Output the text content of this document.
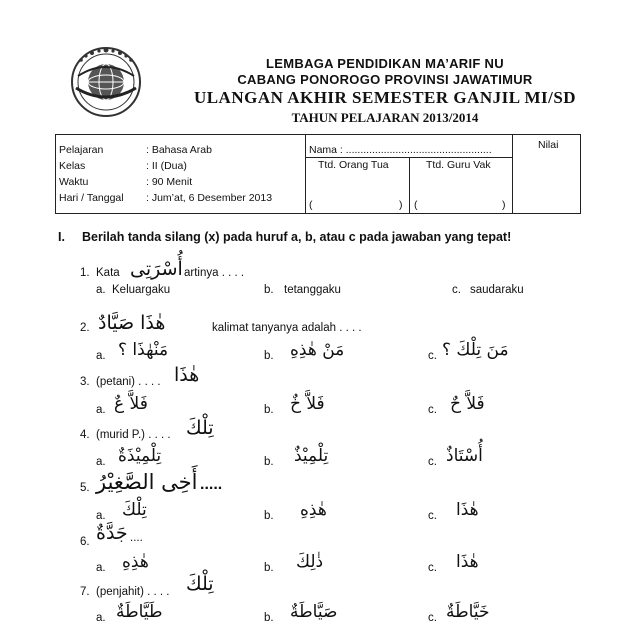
LEMBAGA PENDIDIKAN MA’ARIF NU
CABANG PONOROGO PROVINSI JAWATIMUR
ULANGAN AKHIR SEMESTER GANJIL MI/SD
TAHUN PELAJARAN 2013/2014
Pelajaran	: Bahasa Arab
Kelas	: II (Dua)
Waktu	: 90 Menit
Hari / Tanggal : Jum’at, 6 Desember 2013
Nama : ..................................................
Ttd. Orang Tua	Ttd. Guru Vak
(	) (	)
Nilai
I. Berilah tanda silang (x) pada huruf a, b, atau c pada jawaban yang tepat!
1. Kata أُسْرَتِى artinya . . . .
a. Keluargaku	b. tetanggaku	c. saudaraku
2. هٰذَا صَيَّادٌ	kalimat tanyanya adalah . . . .
a. مَنْهٰذَا ؟	b. مَنْ هٰذِهِ	c. مَنَ تِلْكَ ؟
3. (petani) . . . . هٰذَا
a. فَلاَّ عٌ	b. فَلاَّ خٌ	c. فَلاَّ حٌ
4. (murid P.) . . . . تِلْكَ
a. تِلْمِيْذَةٌ	b. تِلْمِيْذٌ	c. أُسْتَاذٌ
5. أَخِى الصَّغِيْرُ .....
a. تِلْكَ	b. هٰذِهِ	c. هٰذَا
6. جَدَّةٌ ....
a. هٰذِهِ	b. ذٰلِكَ	c. هٰذَا
7. (penjahit) . . . . تِلْكَ
a. طَيَّاطَةٌ	b. صَيَّاطَةٌ	c. خَيَّاطَةٌ
